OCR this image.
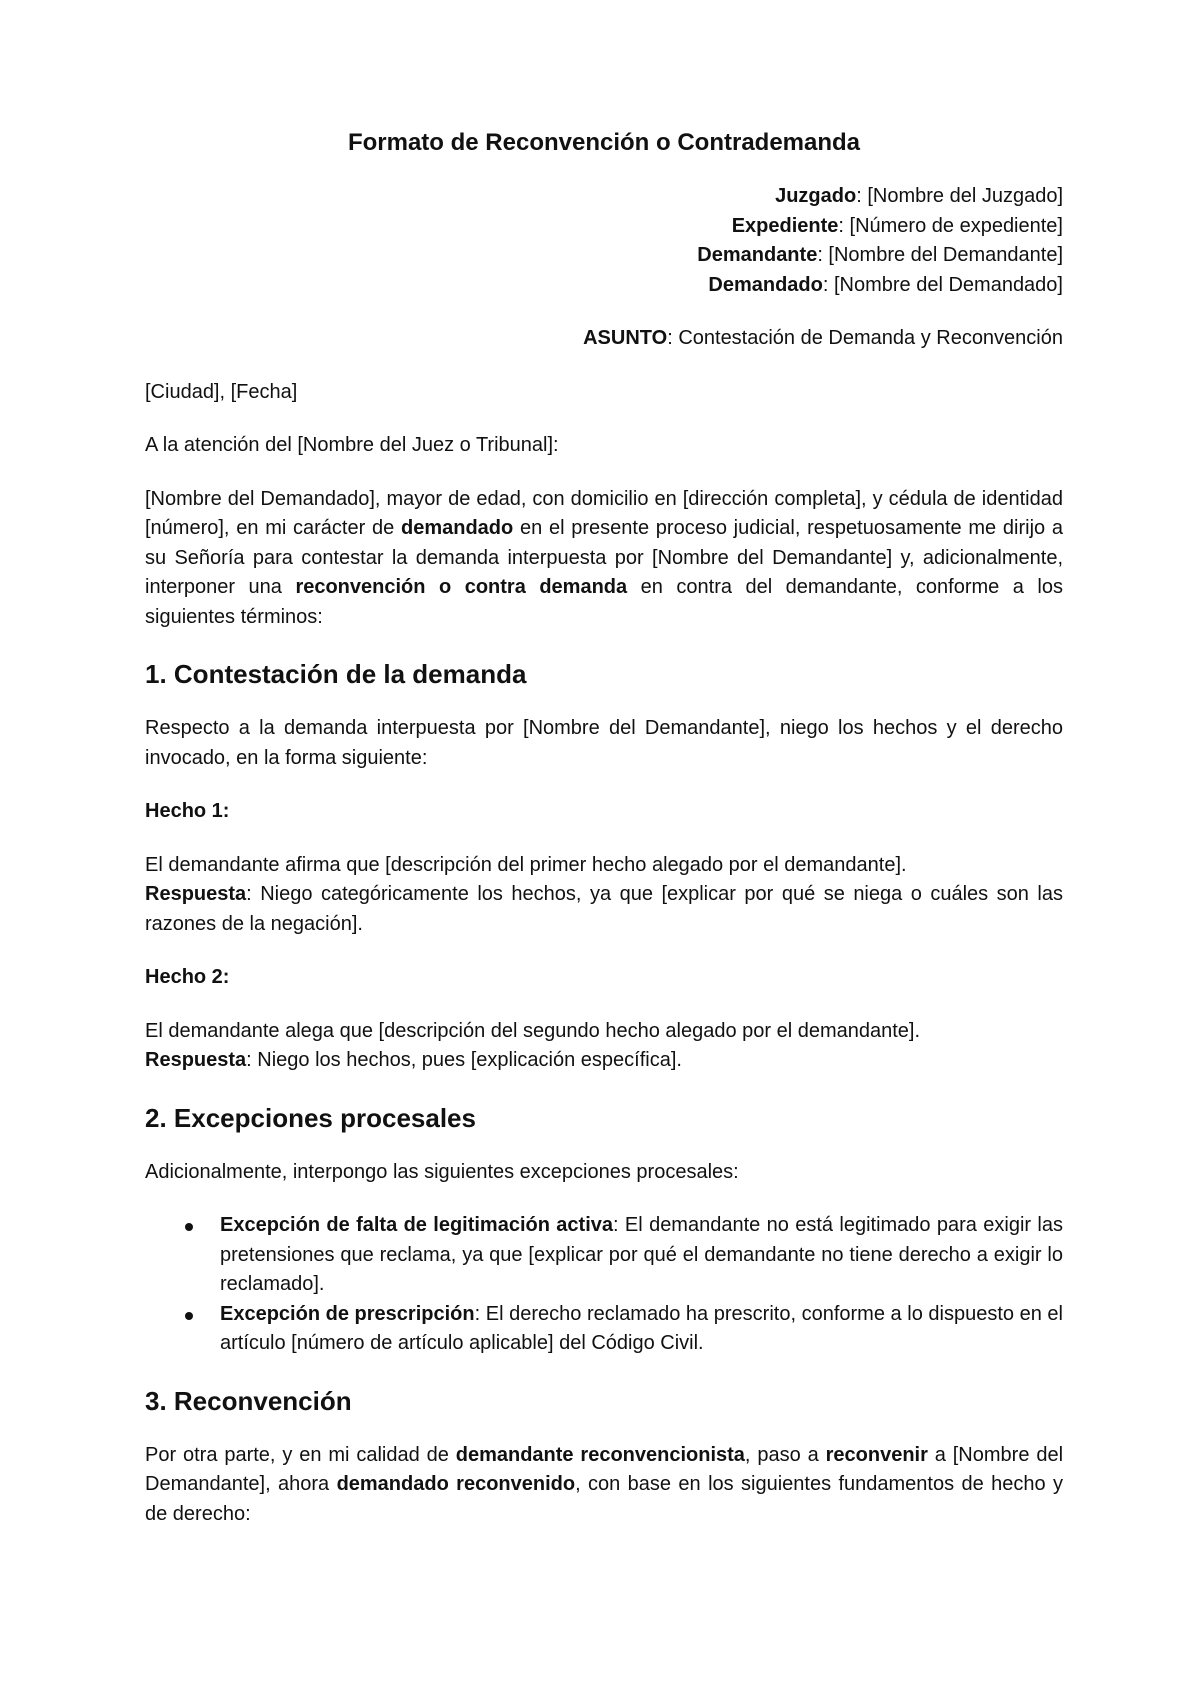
Formato de Reconvención o Contrademanda

Juzgado: [Nombre del Juzgado]
Expediente: [Número de expediente]
Demandante: [Nombre del Demandante]
Demandado: [Nombre del Demandado]

ASUNTO: Contestación de Demanda y Reconvención

[Ciudad], [Fecha]

A la atención del [Nombre del Juez o Tribunal]:

[Nombre del Demandado], mayor de edad, con domicilio en [dirección completa], y cédula de identidad [número], en mi carácter de demandado en el presente proceso judicial, respetuosamente me dirijo a su Señoría para contestar la demanda interpuesta por [Nombre del Demandante] y, adicionalmente, interponer una reconvención o contra demanda en contra del demandante, conforme a los siguientes términos:

1. Contestación de la demanda

Respecto a la demanda interpuesta por [Nombre del Demandante], niego los hechos y el derecho invocado, en la forma siguiente:

Hecho 1:

El demandante afirma que [descripción del primer hecho alegado por el demandante].
Respuesta: Niego categóricamente los hechos, ya que [explicar por qué se niega o cuáles son las razones de la negación].

Hecho 2:

El demandante alega que [descripción del segundo hecho alegado por el demandante].
Respuesta: Niego los hechos, pues [explicación específica].

2. Excepciones procesales

Adicionalmente, interpongo las siguientes excepciones procesales:

Excepción de falta de legitimación activa: El demandante no está legitimado para exigir las pretensiones que reclama, ya que [explicar por qué el demandante no tiene derecho a exigir lo reclamado].
Excepción de prescripción: El derecho reclamado ha prescrito, conforme a lo dispuesto en el artículo [número de artículo aplicable] del Código Civil.
3. Reconvención

Por otra parte, y en mi calidad de demandante reconvencionista, paso a reconvenir a [Nombre del Demandante], ahora demandado reconvenido, con base en los siguientes fundamentos de hecho y de derecho:
